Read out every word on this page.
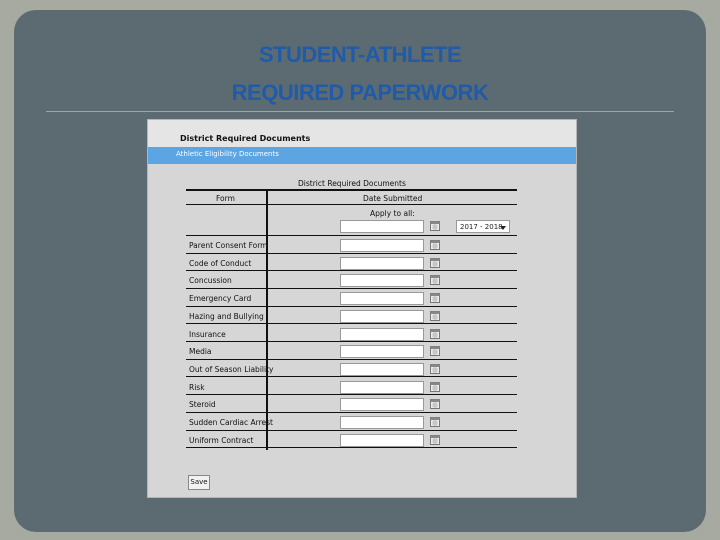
STUDENT-ATHLETE
REQUIRED PAPERWORK
District Required Documents
Athletic Eligibility Documents
District Required Documents
Form	Date Submitted
Apply to all:
2017 - 2018
Parent Consent Form
Code of Conduct
Concussion
Emergency Card
Hazing and Bullying
Insurance
Media
Out of Season Liability
Risk
Steroid
Sudden Cardiac Arrest
Uniform Contract
Save
